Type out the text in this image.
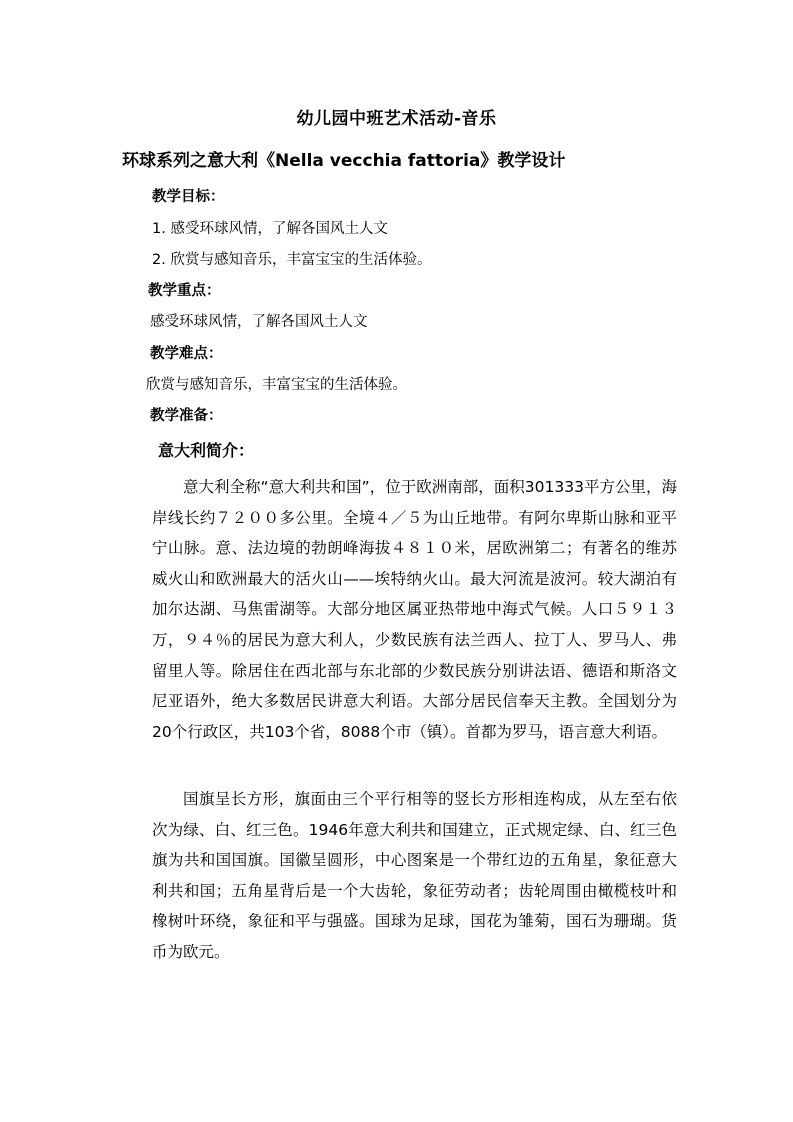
幼儿园中班艺术活动-音乐
环球系列之意大利《Nella vecchia fattoria》教学设计
教学目标：
1. 感受环球风情，了解各国风土人文
2. 欣赏与感知音乐，丰富宝宝的生活体验。
教学重点：
感受环球风情，了解各国风土人文
教学难点：
欣赏与感知音乐，丰富宝宝的生活体验。
教学准备：
意大利简介：
意大利全称“意大利共和国”，位于欧洲南部，面积301333平方公里，海岸线长约７２００多公里。全境４／５为山丘地带。有阿尔卑斯山脉和亚平宁山脉。意、法边境的勃朗峰海拔４８１０米，居欧洲第二；有著名的维苏威火山和欧洲最大的活火山——埃特纳火山。最大河流是波河。较大湖泊有加尔达湖、马焦雷湖等。大部分地区属亚热带地中海式气候。人口５９１３万，９４％的居民为意大利人，少数民族有法兰西人、拉丁人、罗马人、弗留里人等。除居住在西北部与东北部的少数民族分别讲法语、德语和斯洛文尼亚语外，绝大多数居民讲意大利语。大部分居民信奉天主教。全国划分为20个行政区，共103个省，8088个市（镇）。首都为罗马，语言意大利语。
国旗呈长方形，旗面由三个平行相等的竖长方形相连构成，从左至右依次为绿、白、红三色。1946年意大利共和国建立，正式规定绿、白、红三色旗为共和国国旗。国徽呈圆形，中心图案是一个带红边的五角星，象征意大利共和国；五角星背后是一个大齿轮，象征劳动者；齿轮周围由橄榄枝叶和橡树叶环绕，象征和平与强盛。国球为足球，国花为雏菊，国石为珊瑚。货币为欧元。
